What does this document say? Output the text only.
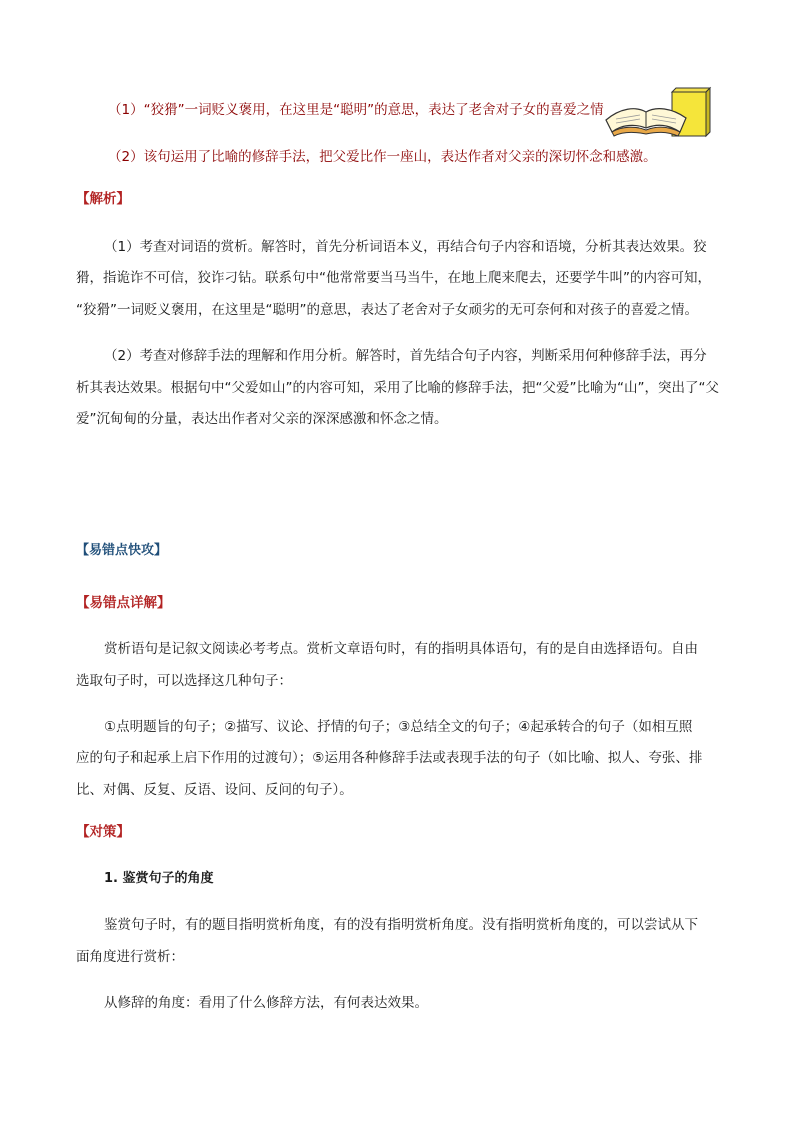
（1）“狡猾”一词贬义褒用，在这里是“聪明”的意思，表达了老舍对子女的喜爱之情
（2）该句运用了比喻的修辞手法，把父爱比作一座山，表达作者对父亲的深切怀念和感激。
【解析】
（1）考查对词语的赏析。解答时，首先分析词语本义，再结合句子内容和语境，分析其表达效果。狡
猾，指诡诈不可信，狡诈刁钻。联系句中“他常常要当马当牛，在地上爬来爬去，还要学牛叫”的内容可知，
“狡猾”一词贬义褒用，在这里是“聪明”的意思，表达了老舍对子女顽劣的无可奈何和对孩子的喜爱之情。
（2）考查对修辞手法的理解和作用分析。解答时，首先结合句子内容，判断采用何种修辞手法，再分
析其表达效果。根据句中“父爱如山”的内容可知，采用了比喻的修辞手法，把“父爱”比喻为“山”，突出了“父
爱”沉甸甸的分量，表达出作者对父亲的深深感激和怀念之情。
【易错点快攻】
【易错点详解】
赏析语句是记叙文阅读必考考点。赏析文章语句时，有的指明具体语句，有的是自由选择语句。自由
选取句子时，可以选择这几种句子：
①点明题旨的句子；②描写、议论、抒情的句子；③总结全文的句子；④起承转合的句子（如相互照
应的句子和起承上启下作用的过渡句）；⑤运用各种修辞手法或表现手法的句子（如比喻、拟人、夸张、排
比、对偶、反复、反语、设问、反问的句子）。
【对策】
1. 鉴赏句子的角度
鉴赏句子时，有的题目指明赏析角度，有的没有指明赏析角度。没有指明赏析角度的，可以尝试从下
面角度进行赏析：
从修辞的角度：看用了什么修辞方法，有何表达效果。
